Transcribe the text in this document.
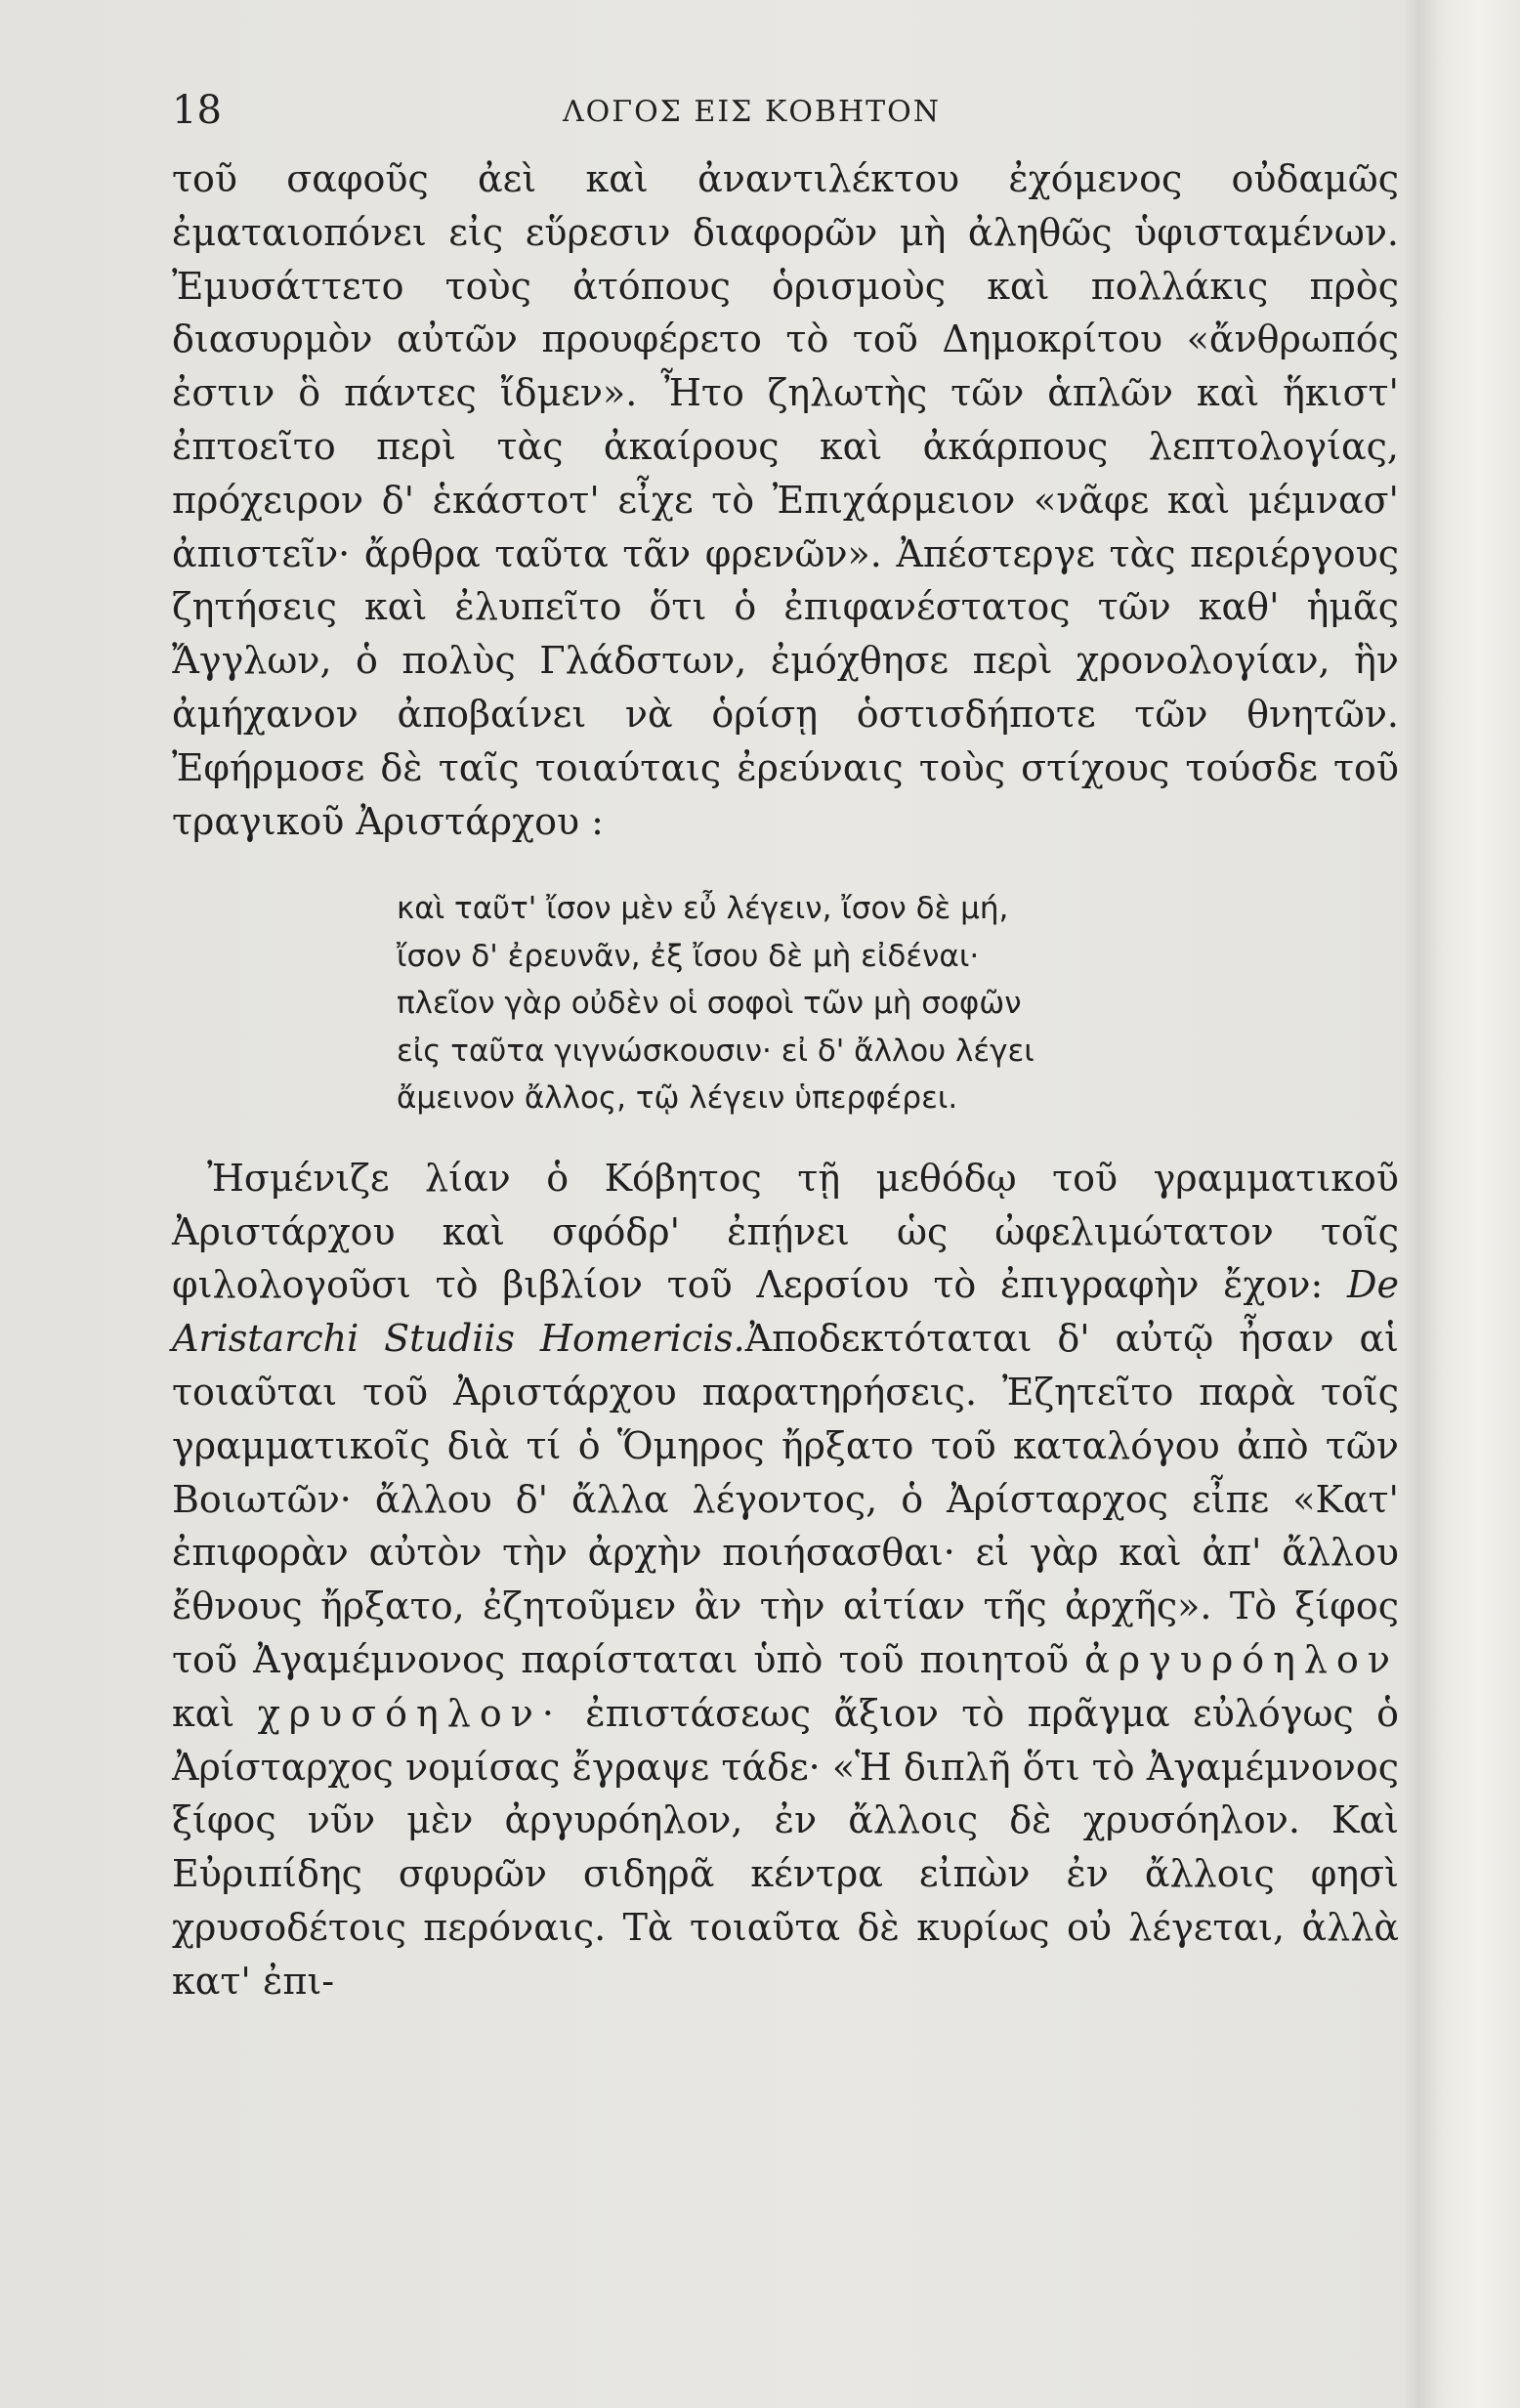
18	ΛΟΓΟΣ ΕΙΣ ΚΟΒΗΤΟΝ

τοῦ σαφοῦς ἀεὶ καὶ ἀναντιλέκτου ἐχόμενος οὐδαμῶς ἐματαιοπόνει εἰς εὕρεσιν διαφορῶν μὴ ἀληθῶς ὑφισταμένων. Ἐμυσάττετο τοὺς ἀτόπους ὁρισμοὺς καὶ πολλάκις πρὸς διασυρμὸν αὐτῶν προυφέρετο τὸ τοῦ Δημοκρίτου «ἄνθρωπός ἐστιν ὃ πάντες ἴδμεν». Ἦτο ζηλωτὴς τῶν ἁπλῶν καὶ ἥκιστ' ἐπτοεῖτο περὶ τὰς ἀκαίρους καὶ ἀκάρπους λεπτολογίας, πρόχειρον δ' ἑκάστοτ' εἶχε τὸ Ἐπιχάρμειον «νᾶφε καὶ μέμνασ' ἀπιστεῖν· ἄρθρα ταῦτα τᾶν φρενῶν». Ἀπέστεργε τὰς περιέργους ζητήσεις καὶ ἐλυπεῖτο ὅτι ὁ ἐπιφανέστατος τῶν καθ' ἡμᾶς Ἄγγλων, ὁ πολὺς Γλάδστων, ἐμόχθησε περὶ χρονολογίαν, ἣν ἀμήχανον ἀποβαίνει νὰ ὁρίσῃ ὁστισδήποτε τῶν θνητῶν. Ἐφήρμοσε δὲ ταῖς τοιαύταις ἐρεύναις τοὺς στίχους τούσδε τοῦ τραγικοῦ Ἀριστάρχου :

καὶ ταῦτ' ἴσον μὲν εὖ λέγειν, ἴσον δὲ μή,
ἴσον δ' ἐρευνᾶν, ἐξ ἴσου δὲ μὴ εἰδέναι·
πλεῖον γὰρ οὐδὲν οἱ σοφοὶ τῶν μὴ σοφῶν
εἰς ταῦτα γιγνώσκουσιν· εἰ δ' ἄλλου λέγει
ἄμεινον ἄλλος, τῷ λέγειν ὑπερφέρει.

Ἠσμένιζε λίαν ὁ Κόβητος τῇ μεθόδῳ τοῦ γραμματικοῦ Ἀριστάρχου καὶ σφόδρ' ἐπῄνει ὡς ὠφελιμώτατον τοῖς φιλολογοῦσι τὸ βιβλίον τοῦ Λερσίου τὸ ἐπιγραφὴν ἔχον: De Aristarchi Studiis Homericis.Ἀποδεκτόταται δ' αὐτῷ ἦσαν αἱ τοιαῦται τοῦ Ἀριστάρχου παρατηρήσεις. Ἐζητεῖτο παρὰ τοῖς γραμματικοῖς διὰ τί ὁ Ὅμηρος ἤρξατο τοῦ καταλόγου ἀπὸ τῶν Βοιωτῶν· ἄλλου δ' ἄλλα λέγοντος, ὁ Ἀρίσταρχος εἶπε «Κατ' ἐπιφορὰν αὐτὸν τὴν ἀρχὴν ποιήσασθαι· εἰ γὰρ καὶ ἀπ' ἄλλου ἔθνους ἤρξατο, ἐζητοῦμεν ἂν τὴν αἰτίαν τῆς ἀρχῆς». Τὸ ξίφος τοῦ Ἀγαμέμνονος παρίσταται ὑπὸ τοῦ ποιητοῦ ἀργυρόηλον καὶ χρυσόηλον· ἐπιστάσεως ἄξιον τὸ πρᾶγμα εὐλόγως ὁ Ἀρίσταρχος νομίσας ἔγραψε τάδε· «Ἡ διπλῆ ὅτι τὸ Ἀγαμέμνονος ξίφος νῦν μὲν ἀργυρόηλον, ἐν ἄλλοις δὲ χρυσόηλον. Καὶ Εὐριπίδης σφυρῶν σιδηρᾶ κέντρα εἰπὼν ἐν ἄλλοις φησὶ χρυσοδέτοις περόναις. Τὰ τοιαῦτα δὲ κυρίως οὐ λέγεται, ἀλλὰ κατ' ἐπι-
